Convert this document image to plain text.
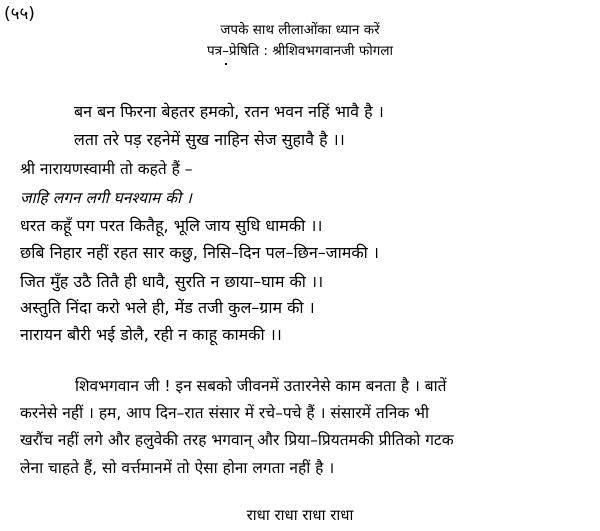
(५५)
जपके साथ लीलाओंका ध्यान करें
पत्र–प्रेषिति : श्रीशिवभगवानजी फोगला
बन बन फिरना बेहतर हमको, रतन भवन नहिं भावै है ।
लता तरे पड़ रहनेमें सुख नाहिन सेज सुहावै है ।।
श्री नारायणस्वामी तो कहते हैं –
जाहि लगन लगी घनश्याम की ।
धरत कहूँ पग परत कितैहू, भूलि जाय सुधि धामकी ।।
छबि निहार नहीं रहत सार कछु, निसि–दिन पल–छिन–जामकी ।
जित मुँह उठै तितै ही धावै, सुरति न छाया–घाम की ।।
अस्तुति निंदा करो भले ही, मेंड तजी कुल–ग्राम की ।
नारायन बौरी भई डोलै, रही न काहू कामकी ।।
शिवभगवान जी ! इन सबको जीवनमें उतारनेसे काम बनता है । बातें
करनेसे नहीं । हम, आप दिन–रात संसार में रचे–पचे हैं । संसारमें तनिक भी
खरौंच नहीं लगे और हलुवेकी तरह भगवान् और प्रिया–प्रियतमकी प्रीतिको गटक
लेना चाहते हैं, सो वर्त्तमानमें तो ऐसा होना लगता नहीं है ।
राधा राधा राधा राधा
